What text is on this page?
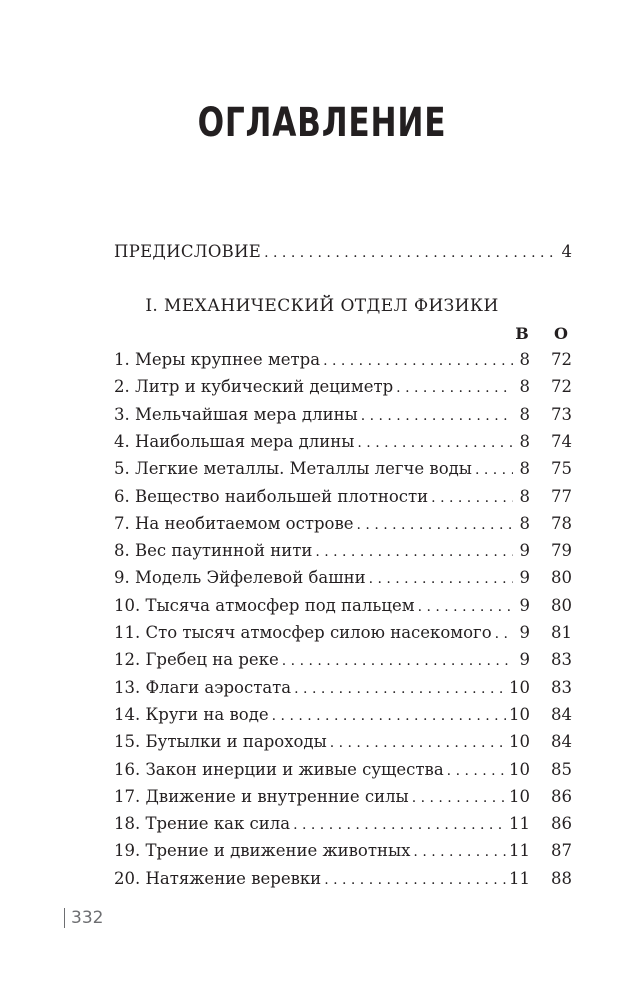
ОГЛАВЛЕНИЕ
ПРЕДИСЛОВИЕ . . .	4
I. МЕХАНИЧЕСКИЙ ОТДЕЛ ФИЗИКИ
В О
1. Меры крупнее метра . . .	8	72
2. Литр и кубический дециметр . . .	8	72
3. Мельчайшая мера длины . . .	8	73
4. Наибольшая мера длины . . .	8	74
5. Легкие металлы. Металлы легче воды . . .	8	75
6. Вещество наибольшей плотности . . .	8	77
7. На необитаемом острове . . .	8	78
8. Вес паутинной нити . . .	9	79
9. Модель Эйфелевой башни . . .	9	80
10. Тысяча атмосфер под пальцем . . .	9	80
11. Сто тысяч атмосфер силою насекомого . . . 9	81
12. Гребец на реке . . .	9	83
13. Флаги аэростата . . .	10	83
14. Круги на воде . . .	10	84
15. Бутылки и пароходы . . .	10	84
16. Закон инерции и живые существа . . .	10	85
17. Движение и внутренние силы . . .	10	86
18. Трение как сила . . .	11	86
19. Трение и движение животных . . .	11	87
20. Натяжение веревки . . .	11	88
332
